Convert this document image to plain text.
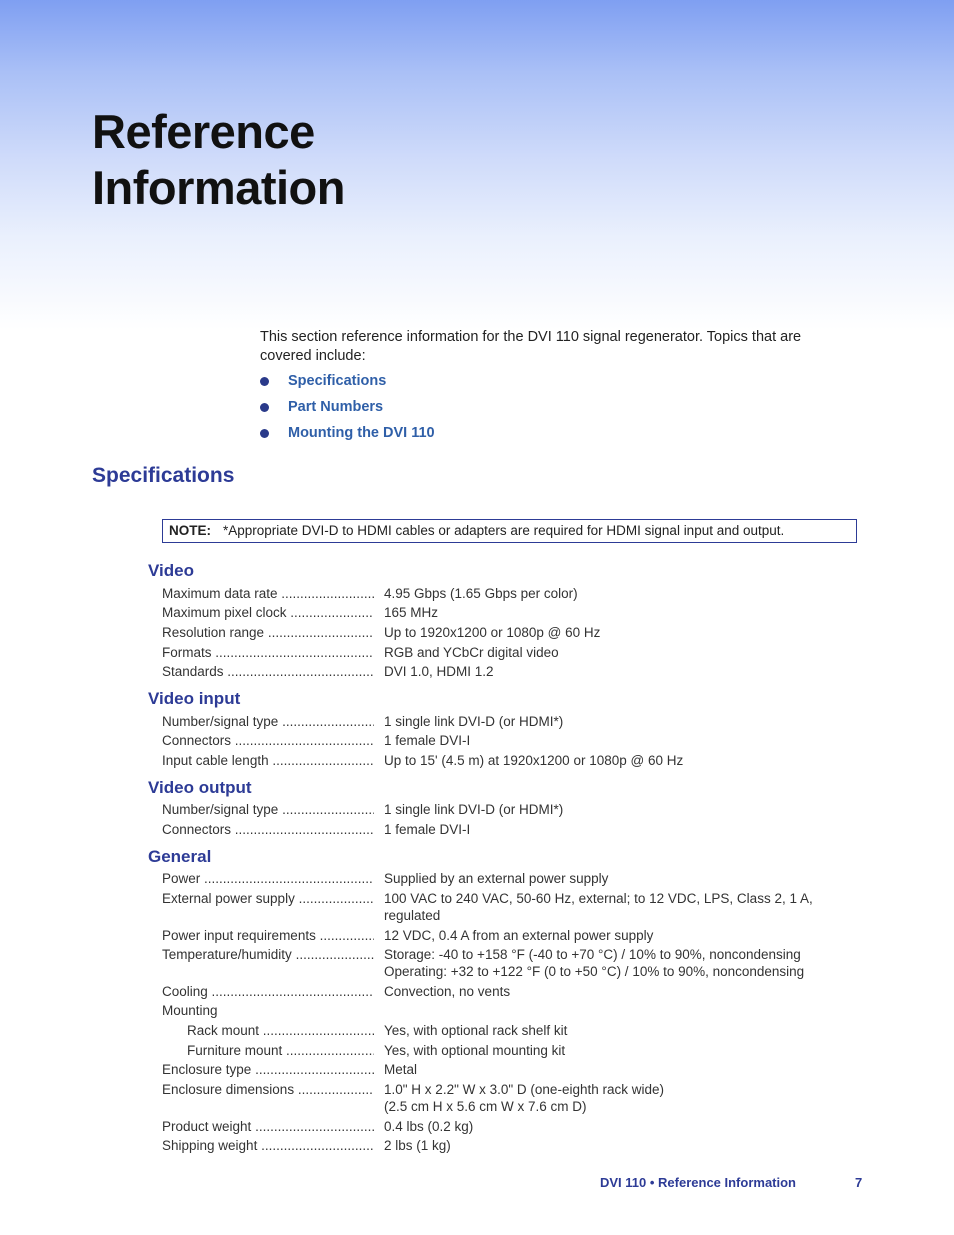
Reference
Information
This section reference information for the DVI 110 signal regenerator. Topics that are covered include:
Specifications
Part Numbers
Mounting the DVI 110
Specifications
NOTE: *Appropriate DVI-D to HDMI cables or adapters are required for HDMI signal input and output.
Video
Maximum data rate .....	4.95 Gbps (1.65 Gbps per color)
Maximum pixel clock .....	165 MHz
Resolution range .....	Up to 1920x1200 or 1080p @ 60 Hz
Formats .....	RGB and YCbCr digital video
Standards .....	DVI 1.0, HDMI 1.2
Video input
Number/signal type .....	1 single link DVI-D (or HDMI*)
Connectors .....	1 female DVI-I
Input cable length .....	Up to 15' (4.5 m) at 1920x1200 or 1080p @ 60 Hz
Video output
Number/signal type .....	1 single link DVI-D (or HDMI*)
Connectors .....	1 female DVI-I
General
Power .....	Supplied by an external power supply
External power supply .....	100 VAC to 240 VAC, 50-60 Hz, external; to 12 VDC, LPS, Class 2, 1 A,
regulated
Power input requirements .....	12 VDC, 0.4 A from an external power supply
Temperature/humidity .....	Storage: -40 to +158 °F (-40 to +70 °C) / 10% to 90%, noncondensing
Operating: +32 to +122 °F (0 to +50 °C) / 10% to 90%, noncondensing
Cooling .....	Convection, no vents
Mounting
Rack mount .....	Yes, with optional rack shelf kit
Furniture mount .....	Yes, with optional mounting kit
Enclosure type .....	Metal
Enclosure dimensions .....	1.0" H x 2.2" W x 3.0" D (one-eighth rack wide)
(2.5 cm H x 5.6 cm W x 7.6 cm D)
Product weight .....	0.4 lbs (0.2 kg)
Shipping weight .....	2 lbs (1 kg)
DVI 110 • Reference Information	7
